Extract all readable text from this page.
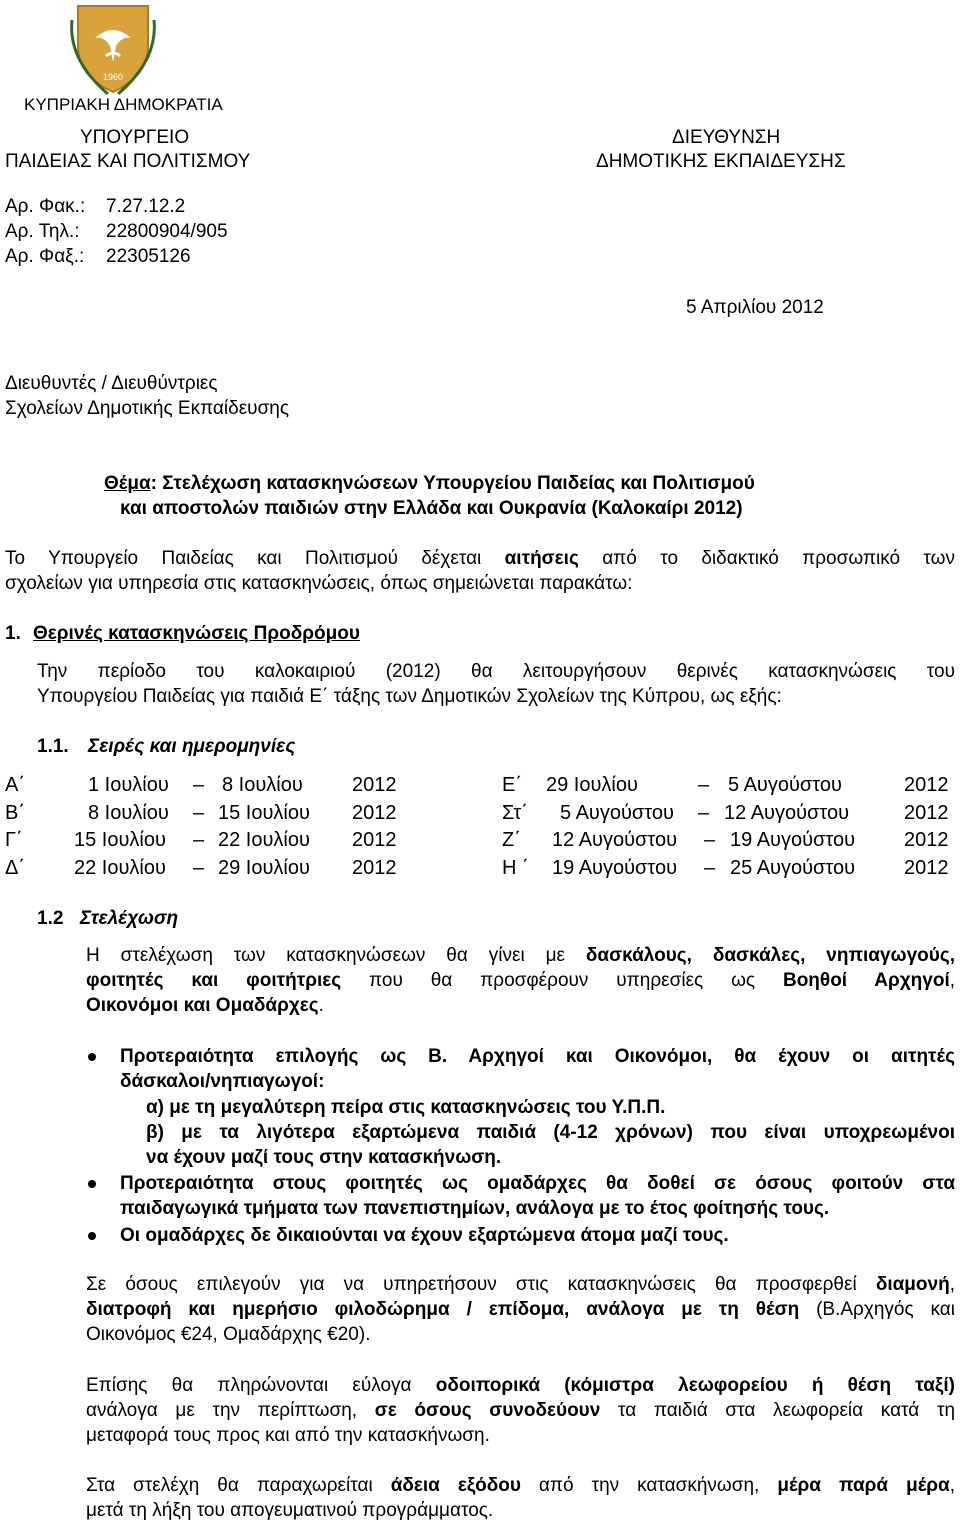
1960
ΚΥΠΡΙΑΚΗ ΔΗΜΟΚΡΑΤΙΑ
ΥΠΟΥΡΓΕΙΟ
ΠΑΙΔΕΙΑΣ ΚΑΙ ΠΟΛΙΤΙΣΜΟΥ
ΔΙΕΥΘΥΝΣΗ
ΔΗΜΟΤΙΚΗΣ ΕΚΠΑΙΔΕΥΣΗΣ
Αρ. Φακ.: 7.27.12.2
Αρ. Τηλ.: 22800904/905
Αρ. Φαξ.: 22305126
5 Απριλίου 2012
Διευθυντές / Διευθύντριες
Σχολείων Δημοτικής Εκπαίδευσης
Θέμα: Στελέχωση κατασκηνώσεων Υπουργείου Παιδείας και Πολιτισμού
και αποστολών παιδιών στην Ελλάδα και Ουκρανία (Καλοκαίρι 2012)
Το Υπουργείο Παιδείας και Πολιτισμού δέχεται αιτήσεις από το διδακτικό προσωπικό των
σχολείων για υπηρεσία στις κατασκηνώσεις, όπως σημειώνεται παρακάτω:
1. Θερινές κατασκηνώσεις Προδρόμου
Την περίοδο του καλοκαιριού (2012) θα λειτουργήσουν θερινές κατασκηνώσεις του
Υπουργείου Παιδείας για παιδιά Ε΄ τάξης των Δημοτικών Σχολείων της Κύπρου, ως εξής:
1.1. Σειρές και ημερομηνίες
Α΄	1 Ιουλίου – 8 Ιουλίου 2012	Ε΄ 29 Ιουλίου	– 5 Αυγούστου	2012
Β΄	8 Ιουλίου – 15 Ιουλίου 2012	Στ΄ 5 Αυγούστου – 12 Αυγούστου	2012
Γ΄	15 Ιουλίου – 22 Ιουλίου 2012	Ζ΄ 12 Αυγούστου – 19 Αυγούστου 2012
Δ΄ 22 Ιουλίου – 29 Ιουλίου 2012	Η ΄ 19 Αυγούστου – 25 Αυγούστου 2012
1.2 Στελέχωση
Η στελέχωση των κατασκηνώσεων θα γίνει με δασκάλους, δασκάλες, νηπιαγωγούς,
φοιτητές και φοιτήτριες που θα προσφέρουν υπηρεσίες ως Βοηθοί Αρχηγοί,
Οικονόμοι και Ομαδάρχες.
Προτεραιότητα επιλογής ως Β. Αρχηγοί και Οικονόμοι, θα έχουν οι αιτητές
δάσκαλοι/νηπιαγωγοί:
α) με τη μεγαλύτερη πείρα στις κατασκηνώσεις του Υ.Π.Π.
β) με τα λιγότερα εξαρτώμενα παιδιά (4-12 χρόνων) που είναι υποχρεωμένοι
να έχουν μαζί τους στην κατασκήνωση.
Προτεραιότητα στους φοιτητές ως ομαδάρχες θα δοθεί σε όσους φοιτούν στα
παιδαγωγικά τμήματα των πανεπιστημίων, ανάλογα με το έτος φοίτησής τους.
Οι ομαδάρχες δε δικαιούνται να έχουν εξαρτώμενα άτομα μαζί τους.
Σε όσους επιλεγούν για να υπηρετήσουν στις κατασκηνώσεις θα προσφερθεί διαμονή,
διατροφή και ημερήσιο φιλοδώρημα / επίδομα, ανάλογα με τη θέση (Β.Αρχηγός και
Οικονόμος €24, Ομαδάρχης €20).
Επίσης θα πληρώνονται εύλογα οδοιπορικά (κόμιστρα λεωφορείου ή θέση ταξί)
ανάλογα με την περίπτωση, σε όσους συνοδεύουν τα παιδιά στα λεωφορεία κατά τη
μεταφορά τους προς και από την κατασκήνωση.
Στα στελέχη θα παραχωρείται άδεια εξόδου από την κατασκήνωση, μέρα παρά μέρα,
μετά τη λήξη του απογευματινού προγράμματος.
